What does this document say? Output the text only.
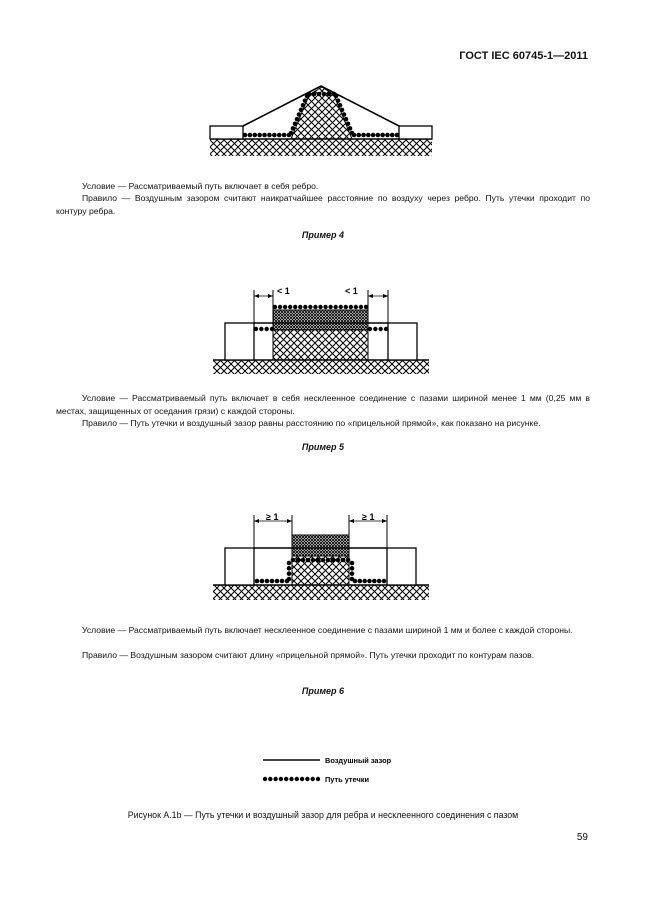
ГОСТ IEC 60745-1—2011
< 1	< 1
≥ 1	≥ 1
Воздушный зазор
Путь утечки
Условие — Рассматриваемый путь включает в себя ребро.
Правило — Воздушным зазором считают наикратчайшее расстояние по воздуху через ребро. Путь утечки проходит по контуру ребра.
Пример 4
Условие — Рассматриваемый путь включает в себя несклеенное соединение с пазами шириной менее 1 мм (0,25 мм в местах, защищенных от оседания грязи) с каждой стороны.
Правило — Путь утечки и воздушный зазор равны расстоянию по «прицельной прямой», как показано на рисунке.
Пример 5
Условие — Рассматриваемый путь включает несклеенное соединение с пазами шириной 1 мм и более с каждой стороны.
Правило — Воздушным зазором считают длину «прицельной прямой». Путь утечки проходит по контурам пазов.
Пример 6
Рисунок A.1b — Путь утечки и воздушный зазор для ребра и несклеенного соединения с пазом
59
